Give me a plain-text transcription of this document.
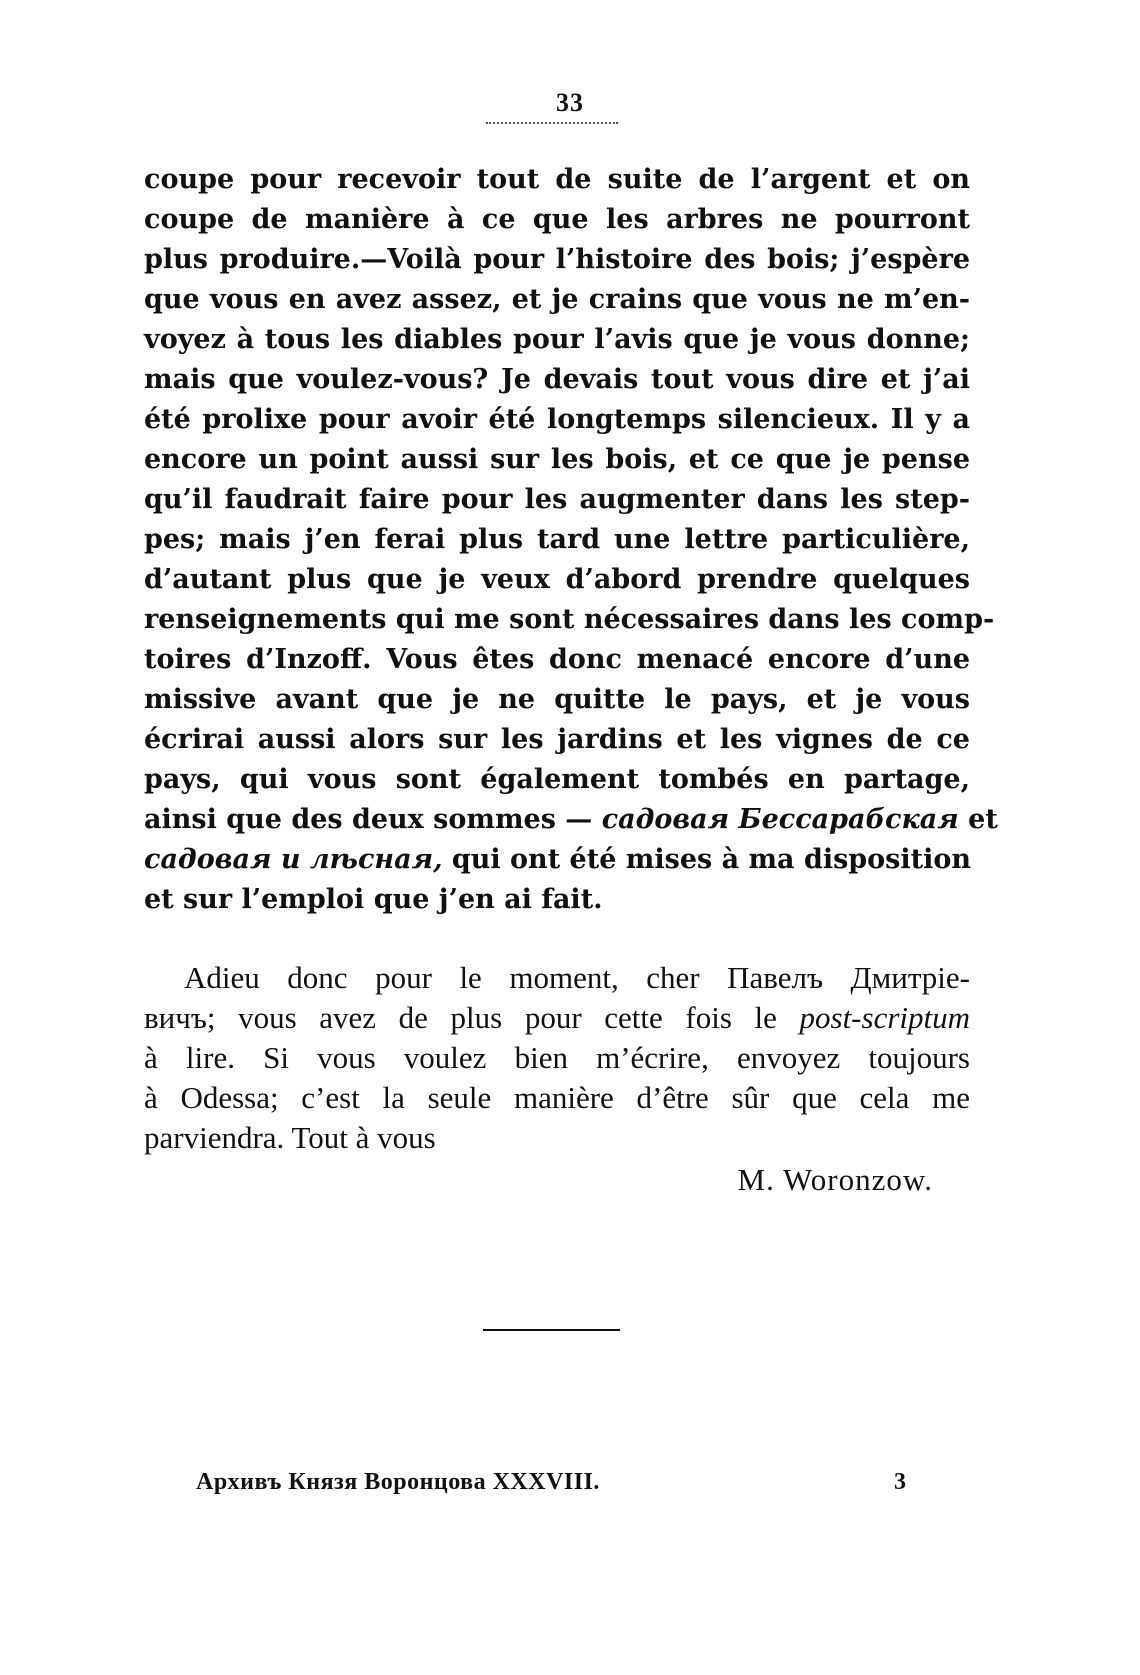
33
coupe pour recevoir tout de suite de l’argent et on
coupe de manière à ce que les arbres ne pourront
plus produire.—Voilà pour l’histoire des bois; j’espère
que vous en avez assez, et je crains que vous ne m’en-
voyez à tous les diables pour l’avis que je vous donne;
mais que voulez-vous? Je devais tout vous dire et j’ai
été prolixe pour avoir été longtemps silencieux. Il y a
encore un point aussi sur les bois, et ce que je pense
qu’il faudrait faire pour les augmenter dans les step-
pes; mais j’en ferai plus tard une lettre particulière,
d’autant plus que je veux d’abord prendre quelques
renseignements qui me sont nécessaires dans les comp-
toires d’Inzoff. Vous êtes donc menacé encore d’une
missive avant que je ne quitte le pays, et je vous
écrirai aussi alors sur les jardins et les vignes de ce
pays, qui vous sont également tombés en partage,
ainsi que des deux sommes — садовая Бессарабская et
садовая и лѣсная, qui ont été mises à ma disposition
et sur l’emploi que j’en ai fait.
Adieu donc pour le moment, cher Павелъ Дмитріе-
вичъ; vous avez de plus pour cette fois le post-scriptum
à lire. Si vous voulez bien m’écrire, envoyez toujours
à Odessa; c’est la seule manière d’être sûr que cela me
parviendra. Tout à vous
M. Woronzow.
Архивъ Князя Воронцова XXXVIII.	3
